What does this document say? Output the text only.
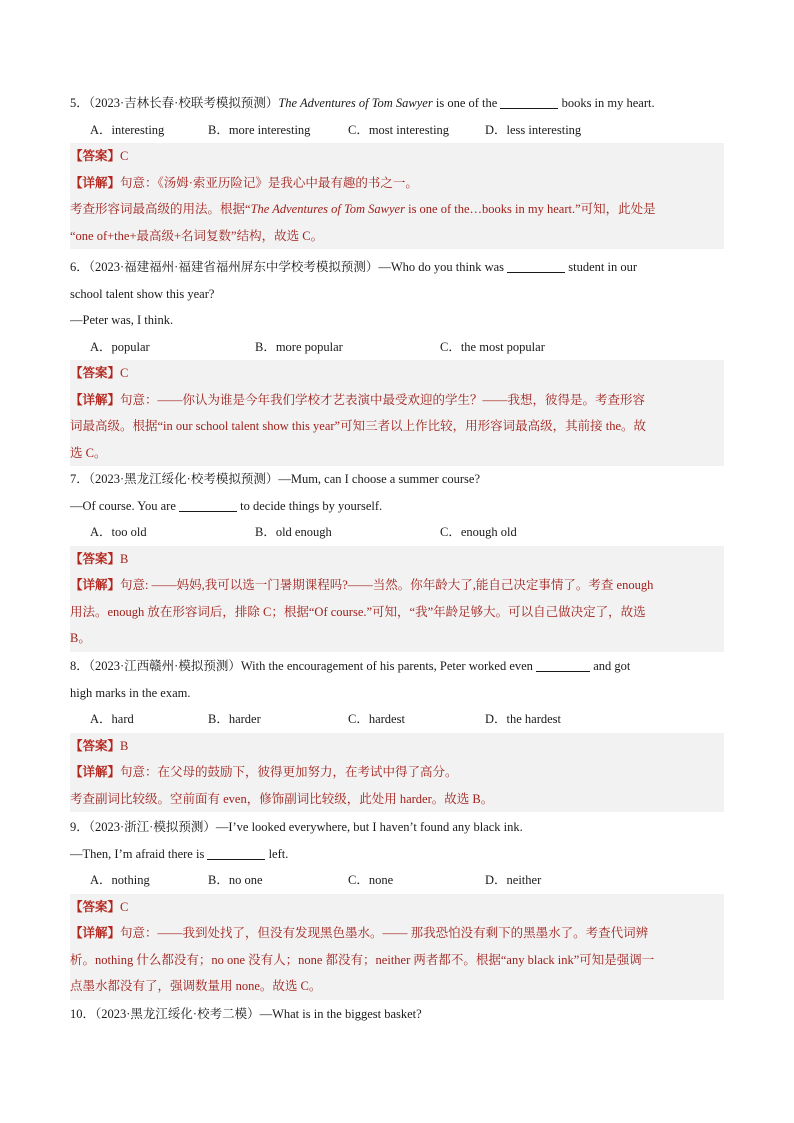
5．（2023·吉林长春·校联考模拟预测）The Adventures of Tom Sawyer is one of the	books in my heart.
A．interesting	B．more interesting	C．most interesting	D．less interesting
【答案】C
【详解】句意：《汤姆·索亚历险记》是我心中最有趣的书之一。
考查形容词最高级的用法。根据“The Adventures of Tom Sawyer is one of the…books in my heart.”可知，此处是
“one of+the+最高级+名词复数”结构，故选 C。
6．（2023·福建福州·福建省福州屏东中学校考模拟预测）—Who do you think was	student in our
school talent show this year?
—Peter was, I think.
A．popular	B．more popular	C．the most popular
【答案】C
【详解】句意：——你认为谁是今年我们学校才艺表演中最受欢迎的学生？——我想，彼得是。考查形容
词最高级。根据“in our school talent show this year”可知三者以上作比较，用形容词最高级，其前接 the。故
选 C。
7．（2023·黑龙江绥化·校考模拟预测）—Mum, can I choose a summer course?
—Of course. You are	to decide things by yourself.
A．too old	B．old enough	C．enough old
【答案】B
【详解】句意: ——妈妈,我可以选一门暑期课程吗?——当然。你年龄大了,能自己决定事情了。考查 enough
用法。enough 放在形容词后，排除 C；根据“Of course.”可知，“我”年龄足够大。可以自己做决定了，故选
B。
8．（2023·江西赣州·模拟预测）With the encouragement of his parents, Peter worked even	and got
high marks in the exam.
A．hard	B．harder	C．hardest	D．the hardest
【答案】B
【详解】句意：在父母的鼓励下，彼得更加努力，在考试中得了高分。
考查副词比较级。空前面有 even，修饰副词比较级，此处用 harder。故选 B。
9．（2023·浙江·模拟预测）—I’ve looked everywhere, but I haven’t found any black ink.
—Then, I’m afraid there is	left.
A．nothing	B．no one	C．none	D．neither
【答案】C
【详解】句意：——我到处找了，但没有发现黑色墨水。—— 那我恐怕没有剩下的黑墨水了。考查代词辨
析。nothing 什么都没有；no one 没有人；none 都没有；neither 两者都不。根据“any black ink”可知是强调一
点墨水都没有了，强调数量用 none。故选 C。
10．（2023·黑龙江绥化·校考二模）—What is in the biggest basket?
